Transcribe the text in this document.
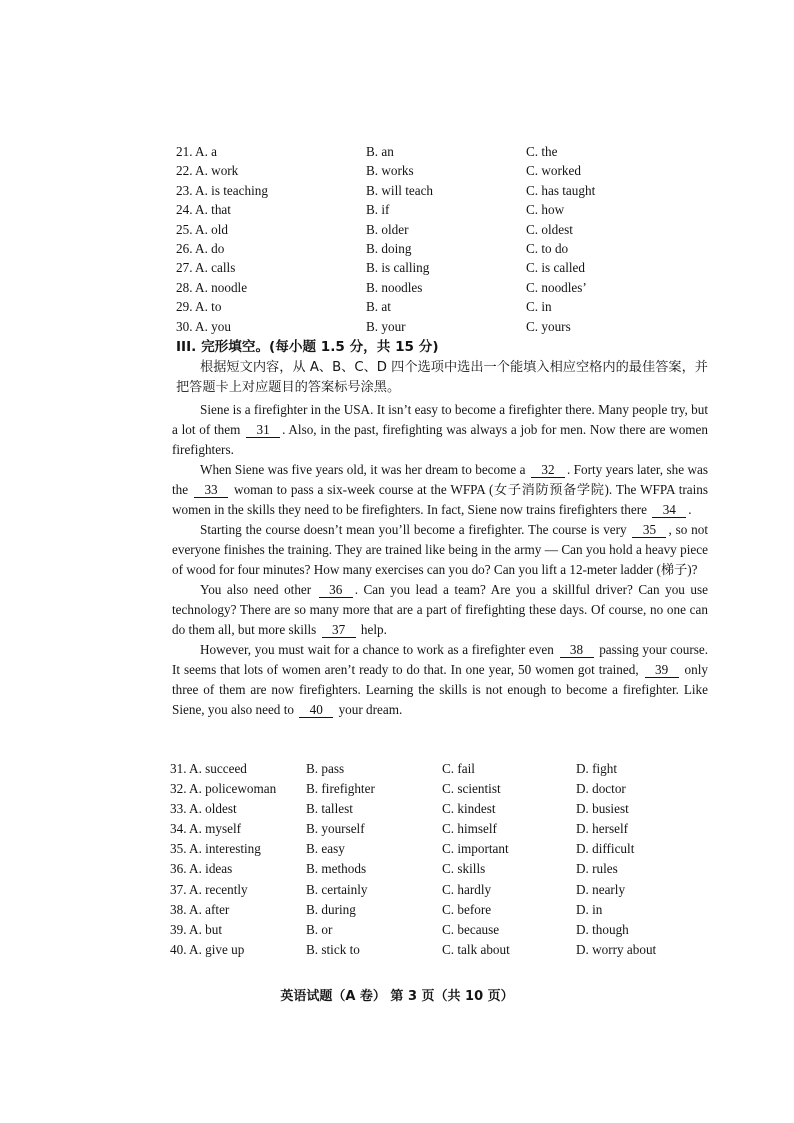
21. A. a	B. an	C. the
22. A. work	B. works	C. worked
23. A. is teaching	B. will teach	C. has taught
24. A. that	B. if	C. how
25. A. old	B. older	C. oldest
26. A. do	B. doing	C. to do
27. A. calls	B. is calling	C. is called
28. A. noodle	B. noodles	C. noodles’
29. A. to	B. at	C. in
30. A. you	B. your	C. yours
III. 完形填空。(每小题 1.5 分，共 15 分)
根据短文内容，从 A、B、C、D 四个选项中选出一个能填入相应空格内的最佳答案，并把答题卡上对应题目的答案标号涂黑。

Siene is a firefighter in the USA. It isn’t easy to become a firefighter there. Many people try, but a lot of them 31 . Also, in the past, firefighting was always a job for men. Now there are women firefighters.

When Siene was five years old, it was her dream to become a 32 . Forty years later, she was the 33 woman to pass a six-week course at the WFPA (女子消防预备学院). The WFPA trains women in the skills they need to be firefighters. In fact, Siene now trains firefighters there 34 .

Starting the course doesn’t mean you’ll become a firefighter. The course is very 35 , so not everyone finishes the training. They are trained like being in the army — Can you hold a heavy piece of wood for four minutes? How many exercises can you do? Can you lift a 12-meter ladder (梯子)?

You also need other 36 . Can you lead a team? Are you a skillful driver? Can you use technology? There are so many more that are a part of firefighting these days. Of course, no one can do them all, but more skills 37 help.

However, you must wait for a chance to work as a firefighter even 38 passing your course. It seems that lots of women aren’t ready to do that. In one year, 50 women got trained, 39 only three of them are now firefighters. Learning the skills is not enough to become a firefighter. Like Siene, you also need to 40 your dream.

31. A. succeed	B. pass	C. fail	D. fight
32. A. policewoman B. firefighter	C. scientist	D. doctor
33. A. oldest	B. tallest	C. kindest	D. busiest
34. A. myself	B. yourself	C. himself	D. herself
35. A. interesting	B. easy	C. important	D. difficult
36. A. ideas	B. methods	C. skills	D. rules
37. A. recently	B. certainly	C. hardly	D. nearly
38. A. after	B. during	C. before	D. in
39. A. but	B. or	C. because	D. though
40. A. give up	B. stick to	C. talk about	D. worry about
英语试题（A 卷） 第 3 页（共 10 页）
